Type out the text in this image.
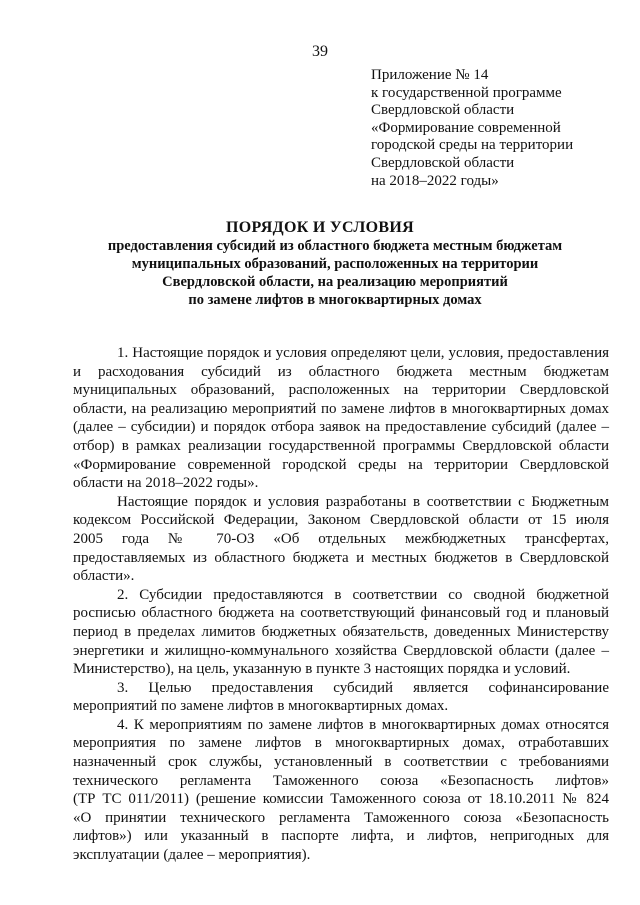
39
Приложение № 14
к государственной программе
Свердловской области
«Формирование современной
городской среды на территории
Свердловской области
на 2018–2022 годы»
ПОРЯДОК И УСЛОВИЯ
предоставления субсидий из областного бюджета местным бюджетам
муниципальных образований, расположенных на территории
Свердловской области, на реализацию мероприятий
по замене лифтов в многоквартирных домах
1. Настоящие порядок и условия определяют цели, условия, предоставления
и расходования субсидий из областного бюджета местным бюджетам
муниципальных образований, расположенных на территории Свердловской
области, на реализацию мероприятий по замене лифтов в многоквартирных домах
(далее – субсидии) и порядок отбора заявок на предоставление субсидий (далее –
отбор) в рамках реализации государственной программы Свердловской области
«Формирование современной городской среды на территории Свердловской
области на 2018–2022 годы».
Настоящие порядок и условия разработаны в соответствии с Бюджетным
кодексом Российской Федерации, Законом Свердловской области от 15 июля
2005 года № 70-ОЗ «Об отдельных межбюджетных трансфертах,
предоставляемых из областного бюджета и местных бюджетов в Свердловской
области».
2. Субсидии предоставляются в соответствии со сводной бюджетной
росписью областного бюджета на соответствующий финансовый год и плановый
период в пределах лимитов бюджетных обязательств, доведенных Министерству
энергетики и жилищно-коммунального хозяйства Свердловской области (далее –
Министерство), на цель, указанную в пункте 3 настоящих порядка и условий.
3. Целью предоставления субсидий является софинансирование
мероприятий по замене лифтов в многоквартирных домах.
4. К мероприятиям по замене лифтов в многоквартирных домах относятся
мероприятия по замене лифтов в многоквартирных домах, отработавших
назначенный срок службы, установленный в соответствии с требованиями
технического регламента Таможенного союза «Безопасность лифтов»
(ТР ТС 011/2011) (решение комиссии Таможенного союза от 18.10.2011 № 824
«О принятии технического регламента Таможенного союза «Безопасность
лифтов») или указанный в паспорте лифта, и лифтов, непригодных для
эксплуатации (далее – мероприятия).
